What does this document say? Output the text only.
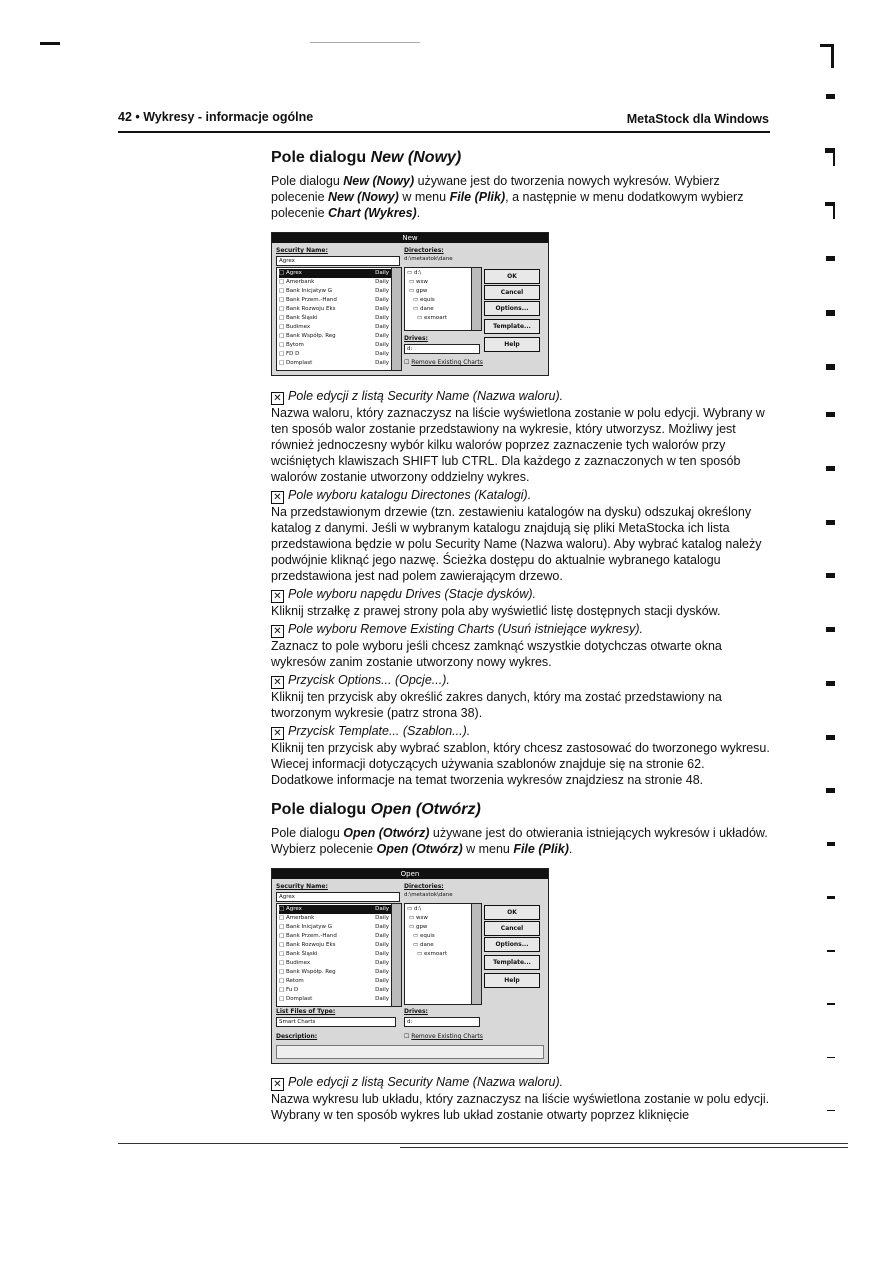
42 • Wykresy - informacje ogólne	MetaStock dla Windows
Pole dialogu New (Nowy)

Pole dialogu New (Nowy) używane jest do tworzenia nowych wykresów. Wybierz polecenie New (Nowy) w menu File (Plik), a następnie w menu dodatkowym wybierz polecenie Chart (Wykres).

New
Security Name:
Agrex
Directories:
d:\metastok\dane
□ Agrex	Daily
□ Amerbank	Daily
□ Bank Inicjatyw G	Daily
□ Bank Przem.-Hand	Daily
□ Bank Rozwoju Eks	Daily
□ Bank Śląski	Daily
□ Budimex	Daily
□ Bank Współp. Reg	Daily
□ Bytom	Daily
□ FD D	Daily
□ Domplast	Daily
▭ d:\
▭ wsw
▭ gpw
▭ equis
▭ dane
▭ exmoart
Drives:
d:
☐ Remove Existing Charts
OK
Cancel
Options...
Template...
Help

✕ Pole edycji z listą Security Name (Nazwa waloru).

Nazwa waloru, który zaznaczysz na liście wyświetlona zostanie w polu edycji. Wybrany w ten sposób walor zostanie przedstawiony na wykresie, który utworzysz. Możliwy jest również jednoczesny wybór kilku walorów poprzez zaznaczenie tych walorów przy wciśniętych klawiszach SHIFT lub CTRL. Dla każdego z zaznaczonych w ten sposób walorów zostanie utworzony oddzielny wykres.

✕ Pole wyboru katalogu Directones (Katalogi).

Na przedstawionym drzewie (tzn. zestawieniu katalogów na dysku) odszukaj określony katalog z danymi. Jeśli w wybranym katalogu znajdują się pliki MetaStocka ich lista przedstawiona będzie w polu Security Name (Nazwa waloru). Aby wybrać katalog należy podwójnie kliknąć jego nazwę. Ścieżka dostępu do aktualnie wybranego katalogu przedstawiona jest nad polem zawierającym drzewo.

✕ Pole wyboru napędu Drives (Stacje dysków).

Kliknij strzałkę z prawej strony pola aby wyświetlić listę dostępnych stacji dysków.

✕ Pole wyboru Remove Existing Charts (Usuń istniejące wykresy).

Zaznacz to pole wyboru jeśli chcesz zamknąć wszystkie dotychczas otwarte okna wykresów zanim zostanie utworzony nowy wykres.

✕ Przycisk Options... (Opcje...).

Kliknij ten przycisk aby określić zakres danych, który ma zostać przedstawiony na tworzonym wykresie (patrz strona 38).

✕ Przycisk Template... (Szablon...).

Kliknij ten przycisk aby wybrać szablon, który chcesz zastosować do tworzonego wykresu. Wiecej informacji dotyczących używania szablonów znajduje się na stronie 62.

Dodatkowe informacje na temat tworzenia wykresów znajdziesz na stronie 48.

Pole dialogu Open (Otwórz)

Pole dialogu Open (Otwórz) używane jest do otwierania istniejących wykresów i układów. Wybierz polecenie Open (Otwórz) w menu File (Plik).

Open
Security Name:
Agrex
Directories:
d:\metastok\dane
□ Agrex	Daily
□ Amerbank	Daily
□ Bank Inicjatyw G	Daily
□ Bank Przem.-Hand	Daily
□ Bank Rozwoju Eks	Daily
□ Bank Śląski	Daily
□ Budimex	Daily
□ Bank Współp. Reg	Daily
□ Retom	Daily
□ Fu D	Daily
□ Domplast	Daily
▭ d:\
▭ wsw
▭ gpw
▭ equis
▭ dane
▭ exmoart
List Files of Type:
Smart Charts
Drives:
d:
Description:	☐ Remove Existing Charts
OK
Cancel
Options...
Template...
Help

✕ Pole edycji z listą Security Name (Nazwa waloru).

Nazwa wykresu lub układu, który zaznaczysz na liście wyświetlona zostanie w polu edycji. Wybrany w ten sposób wykres lub układ zostanie otwarty poprzez kliknięcie
